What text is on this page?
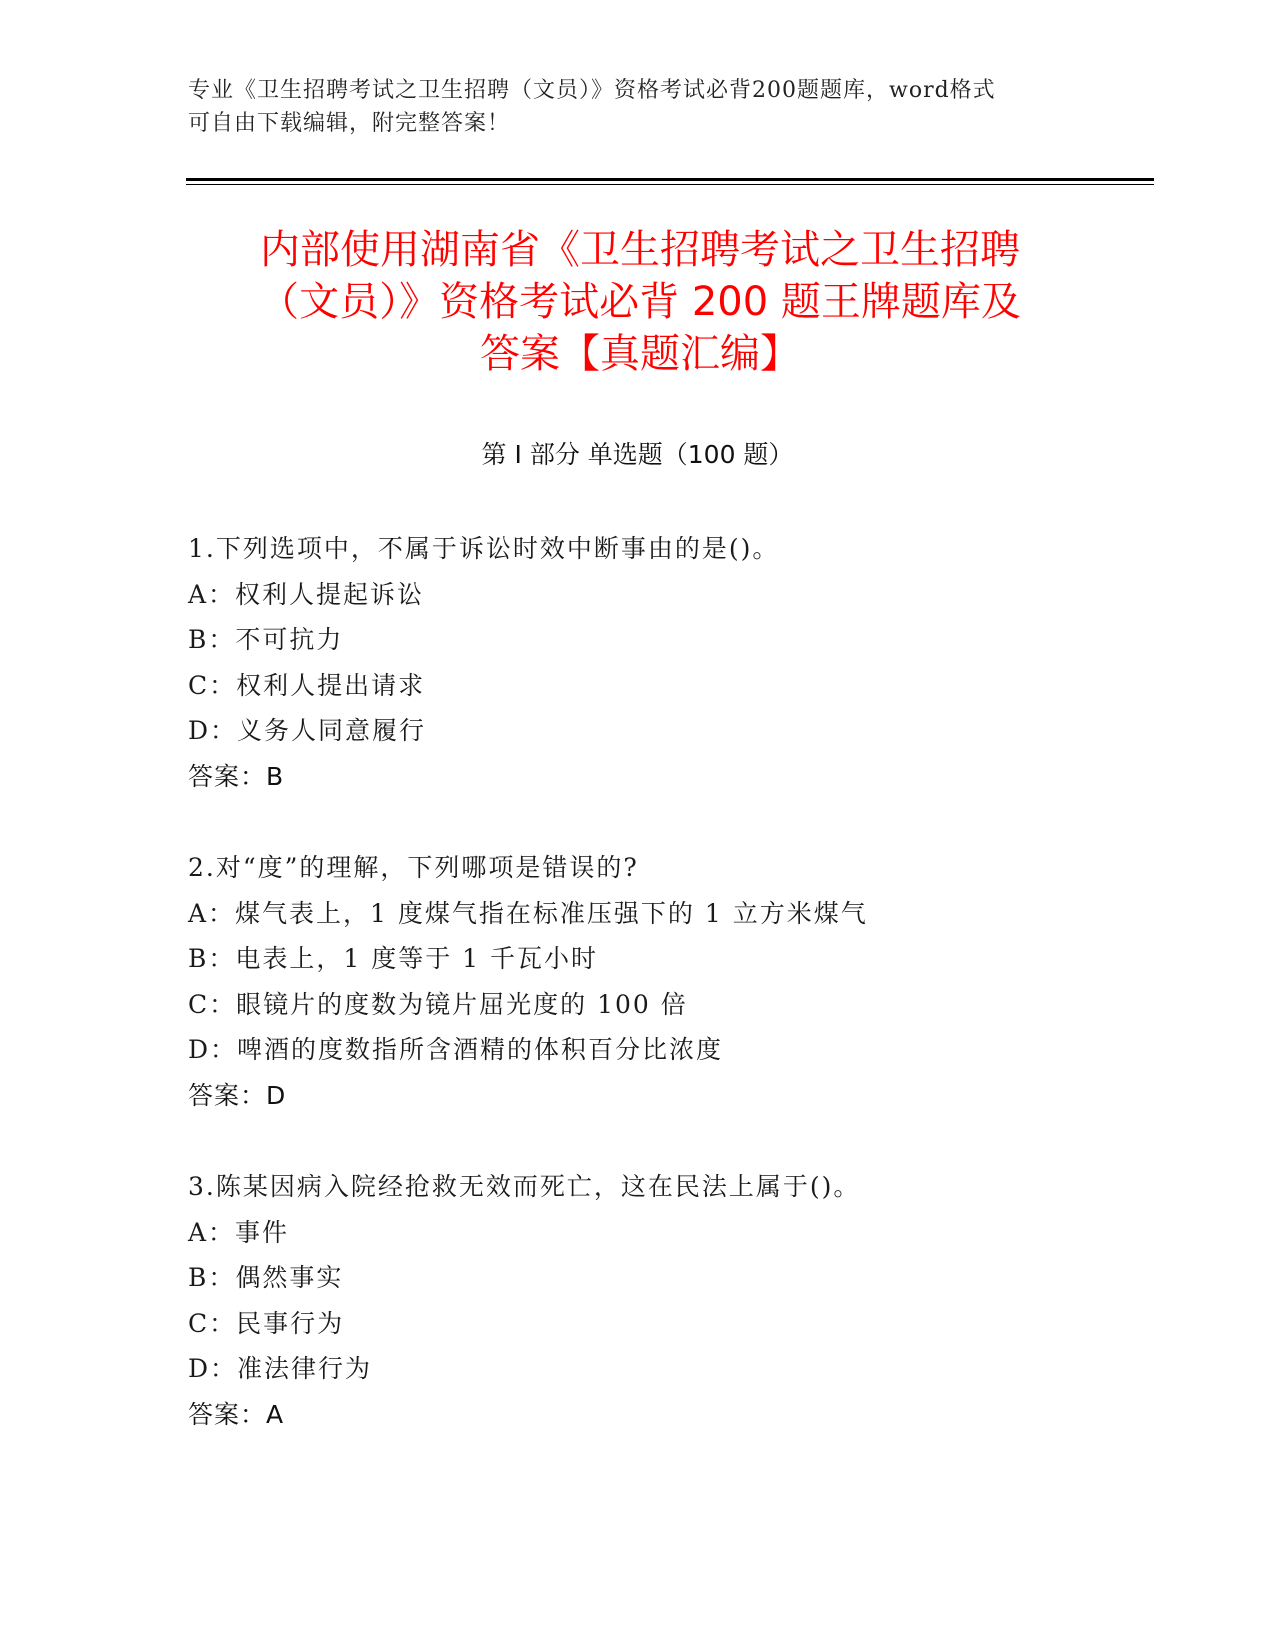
专业《卫生招聘考试之卫生招聘（文员）》资格考试必背200题题库，word格式
可自由下载编辑，附完整答案！
内部使用湖南省《卫生招聘考试之卫生招聘
（文员）》资格考试必背 200 题王牌题库及
答案【真题汇编】
第 I 部分 单选题（100 题）
1.下列选项中，不属于诉讼时效中断事由的是()。
A：权利人提起诉讼
B：不可抗力
C：权利人提出请求
D：义务人同意履行
答案：B
2.对“度”的理解，下列哪项是错误的?
A：煤气表上，1 度煤气指在标准压强下的 1 立方米煤气
B：电表上，1 度等于 1 千瓦小时
C：眼镜片的度数为镜片屈光度的 100 倍
D：啤酒的度数指所含酒精的体积百分比浓度
答案：D
3.陈某因病入院经抢救无效而死亡，这在民法上属于()。
A：事件
B：偶然事实
C：民事行为
D：准法律行为
答案：A
